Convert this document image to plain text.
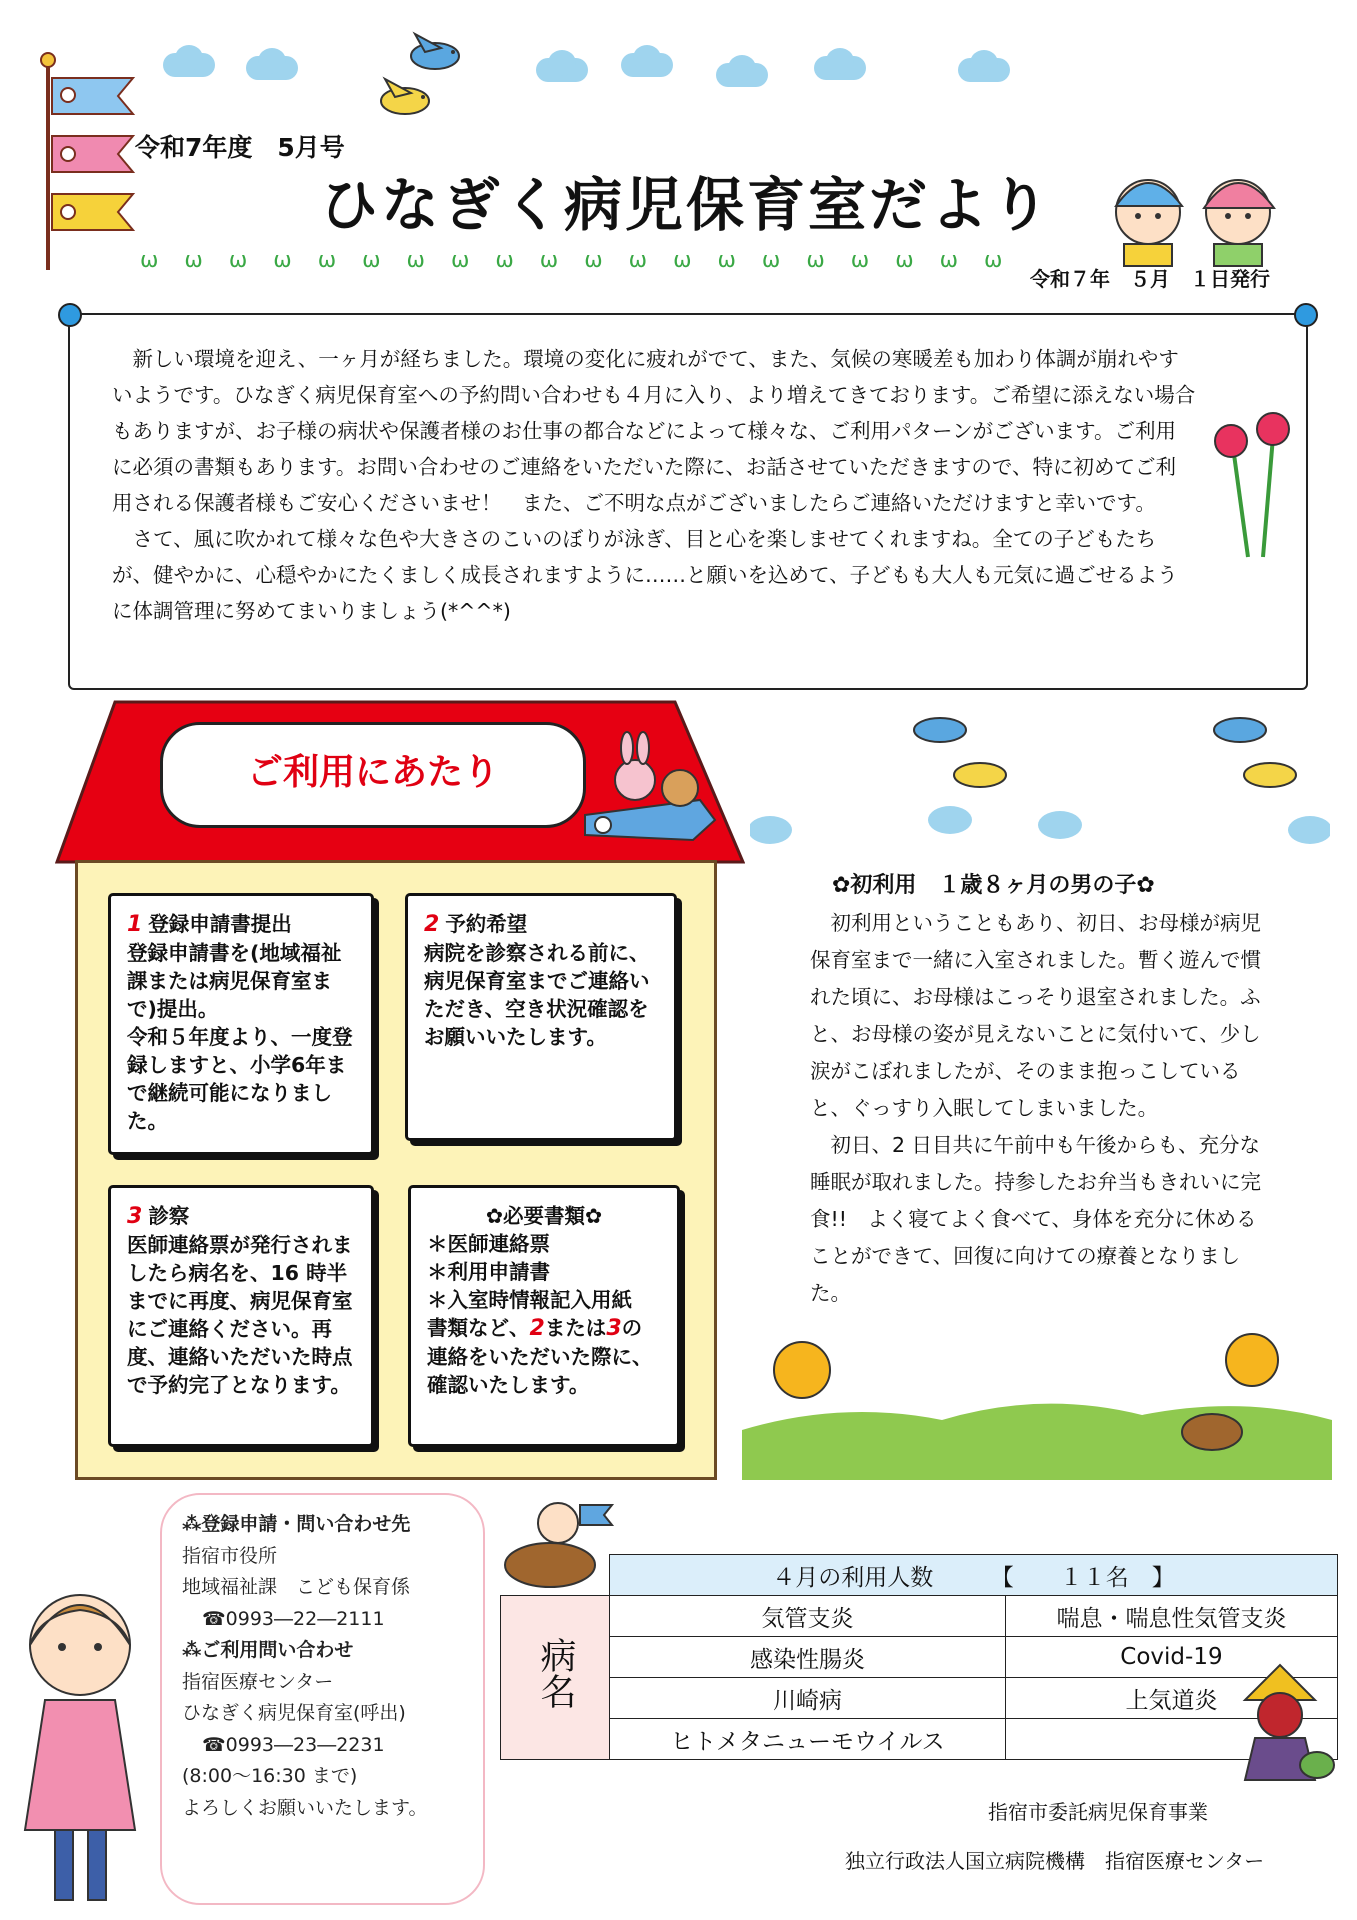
令和7年度　5月号
ひなぎく病児保育室だより
ѡ　ѡ　ѡ　ѡ　ѡ　ѡ　ѡ　ѡ　ѡ　ѡ　ѡ　ѡ　ѡ　ѡ　ѡ　ѡ　ѡ　ѡ　ѡ　ѡ
令和７年　５月　１日発行

新しい環境を迎え、一ヶ月が経ちました。環境の変化に疲れがでて、また、気候の寒暖差も加わり体調が崩れやすいようです。ひなぎく病児保育室への予約問い合わせも４月に入り、より増えてきております。ご希望に添えない場合もありますが、お子様の病状や保護者様のお仕事の都合などによって様々な、ご利用パターンがございます。ご利用に必須の書類もあります。お問い合わせのご連絡をいただいた際に、お話させていただきますので、特に初めてご利用される保護者様もご安心くださいませ！　また、ご不明な点がございましたらご連絡いただけますと幸いです。

さて、風に吹かれて様々な色や大きさのこいのぼりが泳ぎ、目と心を楽しませてくれますね。全ての子どもたちが、健やかに、心穏やかにたくましく成長されますように……と願いを込めて、子どもも大人も元気に過ごせるように体調管理に努めてまいりましょう(*^^*)

ご利用にあたり
1 登録申請書提出
登録申請書を(地域福祉課または病児保育室まで)提出。
令和５年度より、一度登録しますと、小学6年まで継続可能になりました。
2 予約希望
病院を診察される前に、病児保育室までご連絡いただき、空き状況確認をお願いいたします。
3 診察
医師連絡票が発行されましたら病名を、16 時半までに再度、病児保育室にご連絡ください。再度、連絡いただいた時点で予約完了となります。
✿必要書類✿
＊医師連絡票
＊利用申請書
＊入室時情報記入用紙
書類など、2または3の連絡をいただいた際に、確認いたします。
✿初利用　１歳８ヶ月の男の子✿

初利用ということもあり、初日、お母様が病児保育室まで一緒に入室されました。暫く遊んで慣れた頃に、お母様はこっそり退室されました。ふと、お母様の姿が見えないことに気付いて、少し涙がこぼれましたが、そのまま抱っこしていると、ぐっすり入眠してしまいました。

初日、2 日目共に午前中も午後からも、充分な睡眠が取れました。持参したお弁当もきれいに完食!!　よく寝てよく食べて、身体を充分に休めることができて、回復に向けての療養となりました。

⁂登録申請・問い合わせ先
指宿市役所
地域福祉課　こども保育係
☎0993―22―2111
⁂ご利用問い合わせ
指宿医療センター
ひなぎく病児保育室(呼出)
☎0993―23―2231
(8:00～16:30 まで)
よろしくお願いいたします。
	４月の利用人数　　　 【　　１１名　】	
病名	気管支炎	喘息・喘息性気管支炎
	感染性腸炎	Covid-19
	川崎病	上気道炎
	ヒトメタニューモウイルス	
指宿市委託病児保育事業
独立行政法人国立病院機構　指宿医療センター
